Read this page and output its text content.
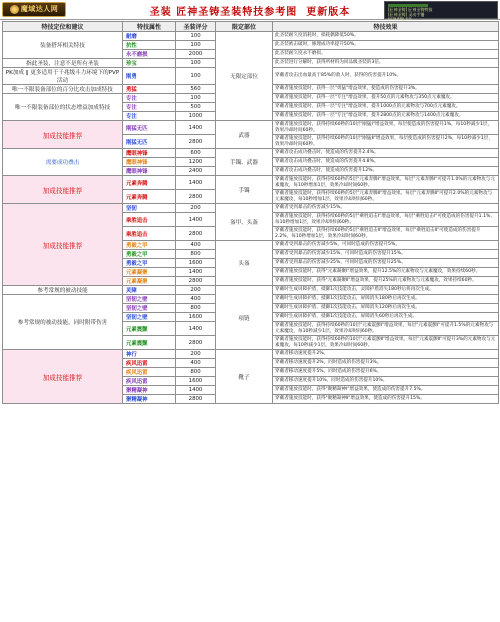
魔域达人网	圣装 匠神圣铸圣装特技参考图 更新版本	[匠神圣铸] 匠神圣铸特技
[匠神圣铸] 灵动手镯
[匠神圣铸] 专注
特技定位和建议	特技属性	圣装评分	限定部位	特技效果
装备搭坏相关特技	耐磨	100	无限定部位	此圣装耐久度消耗时，损耗偶降低50%。
	抗性	100		此圣装被击破时，修理成功率提升50%。
	永不磨损	2000		此圣装耐久度永不磨损。
指此圣装，注意不是所有圣装	珍宝	100		此圣装进行分解时，获得所材料为同品级圣装的3倍。
PK加成 ‖ 更多适用于千兆级斗力环境下的PVP活动	刚勇	100		穿戴者攻击出血量高于85%的敌人时，获得的伤害提升10%。
唯一不限装备部位的百分比攻击加成特技	勇猛	560		穿戴者施放技能时，获得一层"勇猛"增益效果，使造成的伤害提升3%。
唯一不限装备部位的状态增益加成特技	专注	100		穿戴者施放技能时，获得一层"专注"增益效果，提升50点的元素物攻与350点元素魔攻。
	专注	500		穿戴者施放技能时，获得一层"专注"增益效果，提升1000点的元素物攻与700点元素魔攻。
	专注	1000		穿戴者施放技能时，获得一层"专注"增益效果，提升2800点的元素物攻与1400点元素魔攻。
加成技能推荐	刚猛无匹	1400	武器	穿戴者施放技能时，获得持续60秒的10层"刚猛Ⅰ"增益效果，每层使造成的伤害提升1%，每10秒减少1层，效果冷却时间60秒。
	刚猛无匹	2800		穿戴者施放技能时，获得持续60秒的10层"刚猛Ⅱ"增益效果，每层使造成的伤害提升2%，每10秒减少1层，效果冷却时间60秒。
需要成功叠击	鹰眼神锋	600	手镯、武器	穿戴者攻击成功叠击时，使造成的伤害提升2.4%。
	鹰眼神锋	1200		穿戴者攻击成功叠击时，使造成的伤害提升4.8%。
	鹰眼神锋	2400		穿戴者攻击成功叠击时，使造成的伤害提升12%。
加成技能推荐	元素奔腾	1400	手镯	穿戴者施放技能时，获得持续60秒的5层"元素奔腾Ⅰ"增益效果。每层"元素奔腾Ⅰ"可提升1.0%的元素物攻与元素魔攻，每10秒增加1层，效果冷却时间60秒。
	元素奔腾	2800		穿戴者施放技能时，获得持续60秒的5层"元素奔腾Ⅱ"增益效果。每层"元素奔腾Ⅱ"可提升2.0%的元素物攻与元素魔攻，每10秒增加1层，效果冷却时间60秒。
加成技能推荐	坚韧	200	盔甲、头盔	穿戴者受到暴击的伤害减少15%。
	乘胜追击	1400		穿戴者施放技能时，获得持续60秒的5层"乘胜追击Ⅰ"增益效果，每层"乘胜追击Ⅰ"可使造成的伤害提升1.1%，每10秒增加1层，效果冷却时间60秒。
	乘胜追击	2800		穿戴者施放技能时，获得持续60秒的5层"乘胜追击Ⅱ"增益效果，每层"乘胜追击Ⅱ"可使造成的伤害提升2.2%，每10秒增加1层，效果冷却时间60秒。
	勇毅之甲	400	头盔	穿戴者受到暴击的伤害减少5%，可同时造成的伤害提升5%。
	勇毅之甲	800		穿戴者受到暴击的伤害减少15%，可同时造成的伤害提升15%。
	勇毅之甲	1600		穿戴者受到暴击的伤害减少25%，可同时造成的伤害提升25%。
	元素凝聚	1400		穿戴者施放技能时，获得"元素凝聚Ⅰ"增益效果，提升12.5%的元素物攻与元素魔攻，效果持续60秒。
	元素凝聚	2800		穿戴者施放技能时，获得"元素凝聚Ⅱ"增益效果，提升25%的元素物攻与元素魔攻，效果持续60秒。
参考常规的被动技能	灵障	200	项链	穿戴时生成屏障护盾，抵御1次技能攻击，灵障护盾消失180秒后将再次生成。
参考常规的被动技能，同时附带伤害	坚韧之壁	400		穿戴时生成屏障护盾，抵御1次技能攻击，屏障消失180秒后再次生成。
	坚韧之壁	800		穿戴时生成屏障护盾，抵御1次技能攻击，屏障消失120秒后再次生成。
	坚韧之壁	1600		穿戴时生成屏障护盾，抵御1次技能攻击，屏障消失60秒后再次生成。
	元素震颤	1400		穿戴者施放技能时，获得持续60秒的10层"元素震颤Ⅰ"增益效果，每层"元素震颤Ⅰ"可提升1.5%的元素物攻与元素魔攻，每10秒减少1层，效果冷却时间60秒。
	元素震颤	2800		穿戴者施放技能时，获得持续60秒的10层"元素震颤Ⅱ"增益效果，每层"元素震颤Ⅱ"可提升3%的元素物攻与元素魔攻，每10秒减少1层，效果冷却时间60秒。
加成技能推荐	神行	200	靴子	穿戴者移动速度提升2%。
	疾风迅雷	400		穿戴者移动速度提升2%，同时造成的伤害提升3%。
	疾风迅雷	800		穿戴者移动速度提升5%，同时造成的伤害提升6%。
	疾风迅雷	1600		穿戴者移动速度提升10%，同时造成的伤害提升10%。
	聚精凝神	1400		穿戴者施放技能时，获得"聚精凝神Ⅰ"增益效果，使造成的伤害提升7.5%。
	聚精凝神	2800		穿戴者施放技能时，获得"聚精凝神Ⅱ"增益效果，使造成的伤害提升15%。
